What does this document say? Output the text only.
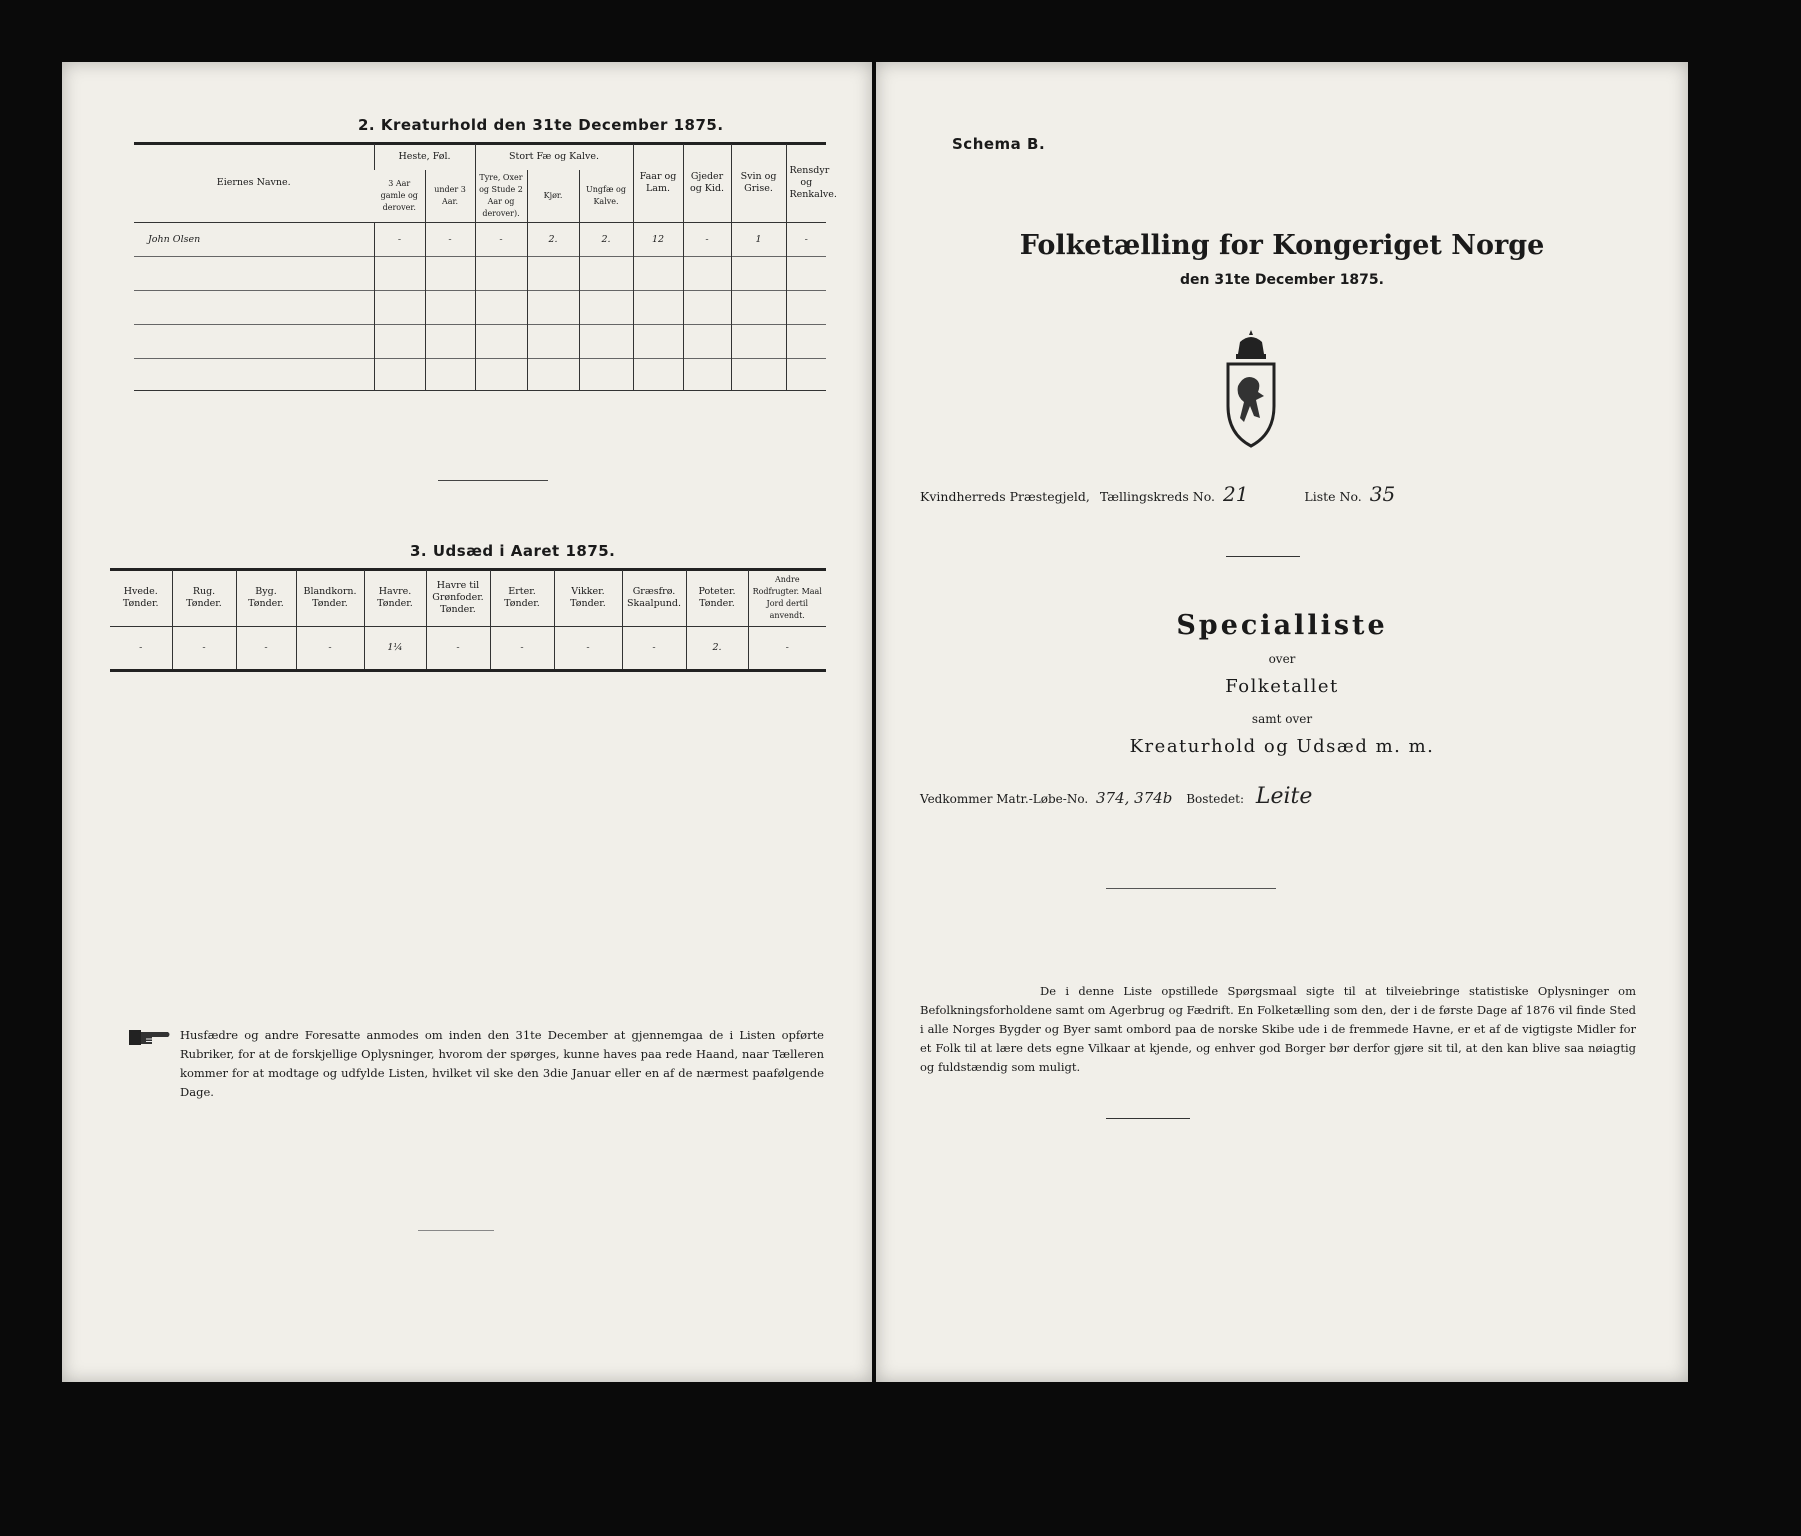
2. Kreaturhold den 31te December 1875.
Eiernes Navne.	Heste, Føl.		Stort Fæ og Kalve.			Faar og Lam.	Gjeder og Kid.	Svin og Grise.	Rensdyr og Renkalve.
	3 Aar gamle og derover.	under 3 Aar.	Tyre, Oxer og Stude 2 Aar og derover).	Kjør.	Ungfæ og Kalve.				
John Olsen	-	-	-	2.	2.	12	-	1	-

3. Udsæd i Aaret 1875.
Hvede. Tønder.	Rug. Tønder.	Byg. Tønder.	Blandkorn. Tønder.	Havre. Tønder.	Havre til Grønfoder. Tønder.	Erter. Tønder.	Vikker. Tønder.	Græsfrø. Skaalpund.	Poteter. Tønder.	Andre Rodfrugter. Maal Jord dertil anvendt.
-	-	-	-	1¼	-	-	-	-	2.	-
Husfædre og andre Foresatte anmodes om inden den 31te December at gjennemgaa de i Listen opførte Rubriker, for at de forskjellige Oplysninger, hvorom der spørges, kunne haves paa rede Haand, naar Tælleren kommer for at modtage og udfylde Listen, hvilket vil ske den 3die Januar eller en af de nærmest paafølgende Dage.
Schema B.
Folketælling for Kongeriget Norge
den 31te December 1875.
Kvindherreds Præstegjeld, Tællingskreds No. 21	Liste No. 35
Specialliste
over
Folketallet
samt over
Kreaturhold og Udsæd m. m.
Vedkommer Matr.-Løbe-No. 374, 374b Bostedet: Leite
De i denne Liste opstillede Spørgsmaal sigte til at tilveiebringe statistiske Oplysninger om Befolkningsforholdene samt om Agerbrug og Fædrift. En Folketælling som den, der i de første Dage af 1876 vil finde Sted i alle Norges Bygder og Byer samt ombord paa de norske Skibe ude i de fremmede Havne, er et af de vigtigste Midler for et Folk til at lære dets egne Vilkaar at kjende, og enhver god Borger bør derfor gjøre sit til, at den kan blive saa nøiagtig og fuldstændig som muligt.
